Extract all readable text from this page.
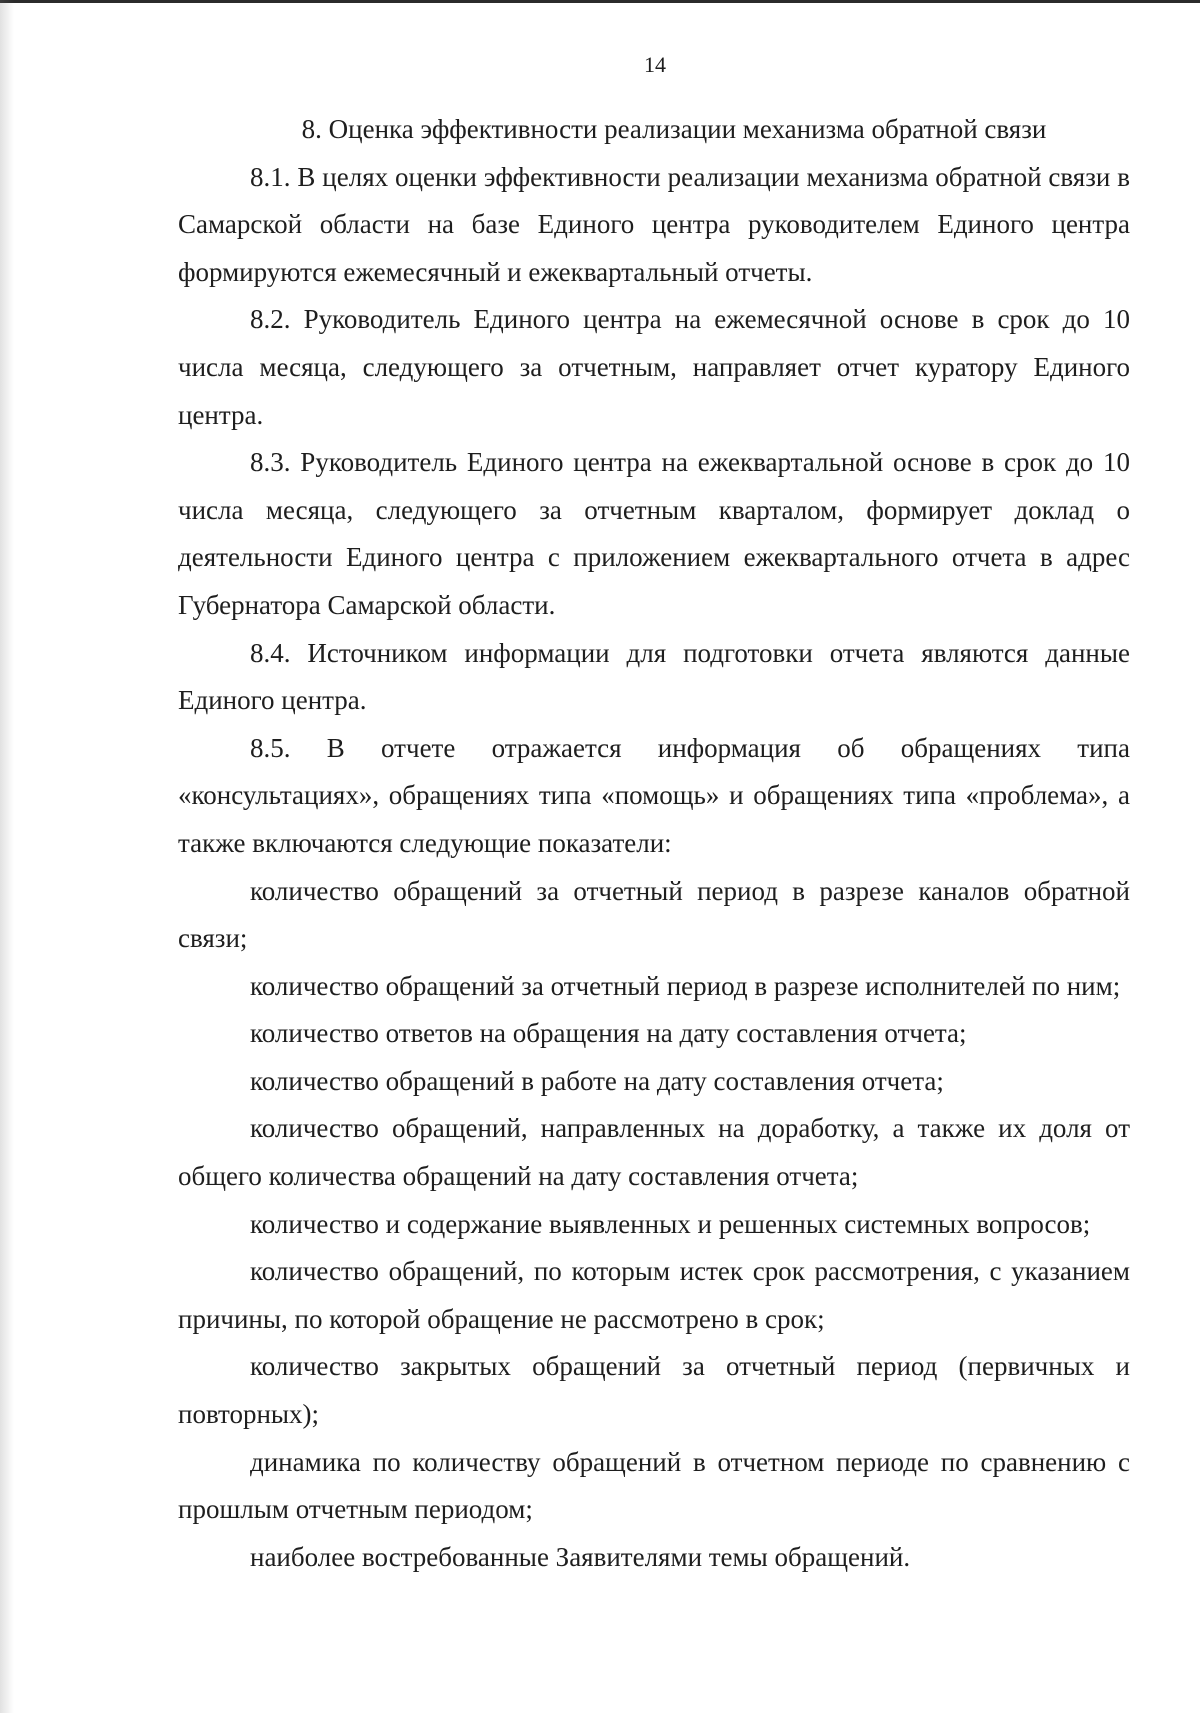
14

8. Оценка эффективности реализации механизма обратной связи

8.1. В целях оценки эффективности реализации механизма обратной связи в Самарской области на базе Единого центра руководителем Единого центра формируются ежемесячный и ежеквартальный отчеты.

8.2. Руководитель Единого центра на ежемесячной основе в срок до 10 числа месяца, следующего за отчетным, направляет отчет куратору Единого центра.

8.3. Руководитель Единого центра на ежеквартальной основе в срок до 10 числа месяца, следующего за отчетным кварталом, формирует доклад о деятельности Единого центра с приложением ежеквартального отчета в адрес Губернатора Самарской области.

8.4. Источником информации для подготовки отчета являются данные Единого центра.

8.5. В отчете отражается информация об обращениях типа «консультациях», обращениях типа «помощь» и обращениях типа «проблема», а также включаются следующие показатели:

количество обращений за отчетный период в разрезе каналов обратной связи;

количество обращений за отчетный период в разрезе исполнителей по ним;

количество ответов на обращения на дату составления отчета;

количество обращений в работе на дату составления отчета;

количество обращений, направленных на доработку, а также их доля от общего количества обращений на дату составления отчета;

количество и содержание выявленных и решенных системных вопросов;

количество обращений, по которым истек срок рассмотрения, с указанием причины, по которой обращение не рассмотрено в срок;

количество закрытых обращений за отчетный период (первичных и повторных);

динамика по количеству обращений в отчетном периоде по сравнению с прошлым отчетным периодом;

наиболее востребованные Заявителями темы обращений.
